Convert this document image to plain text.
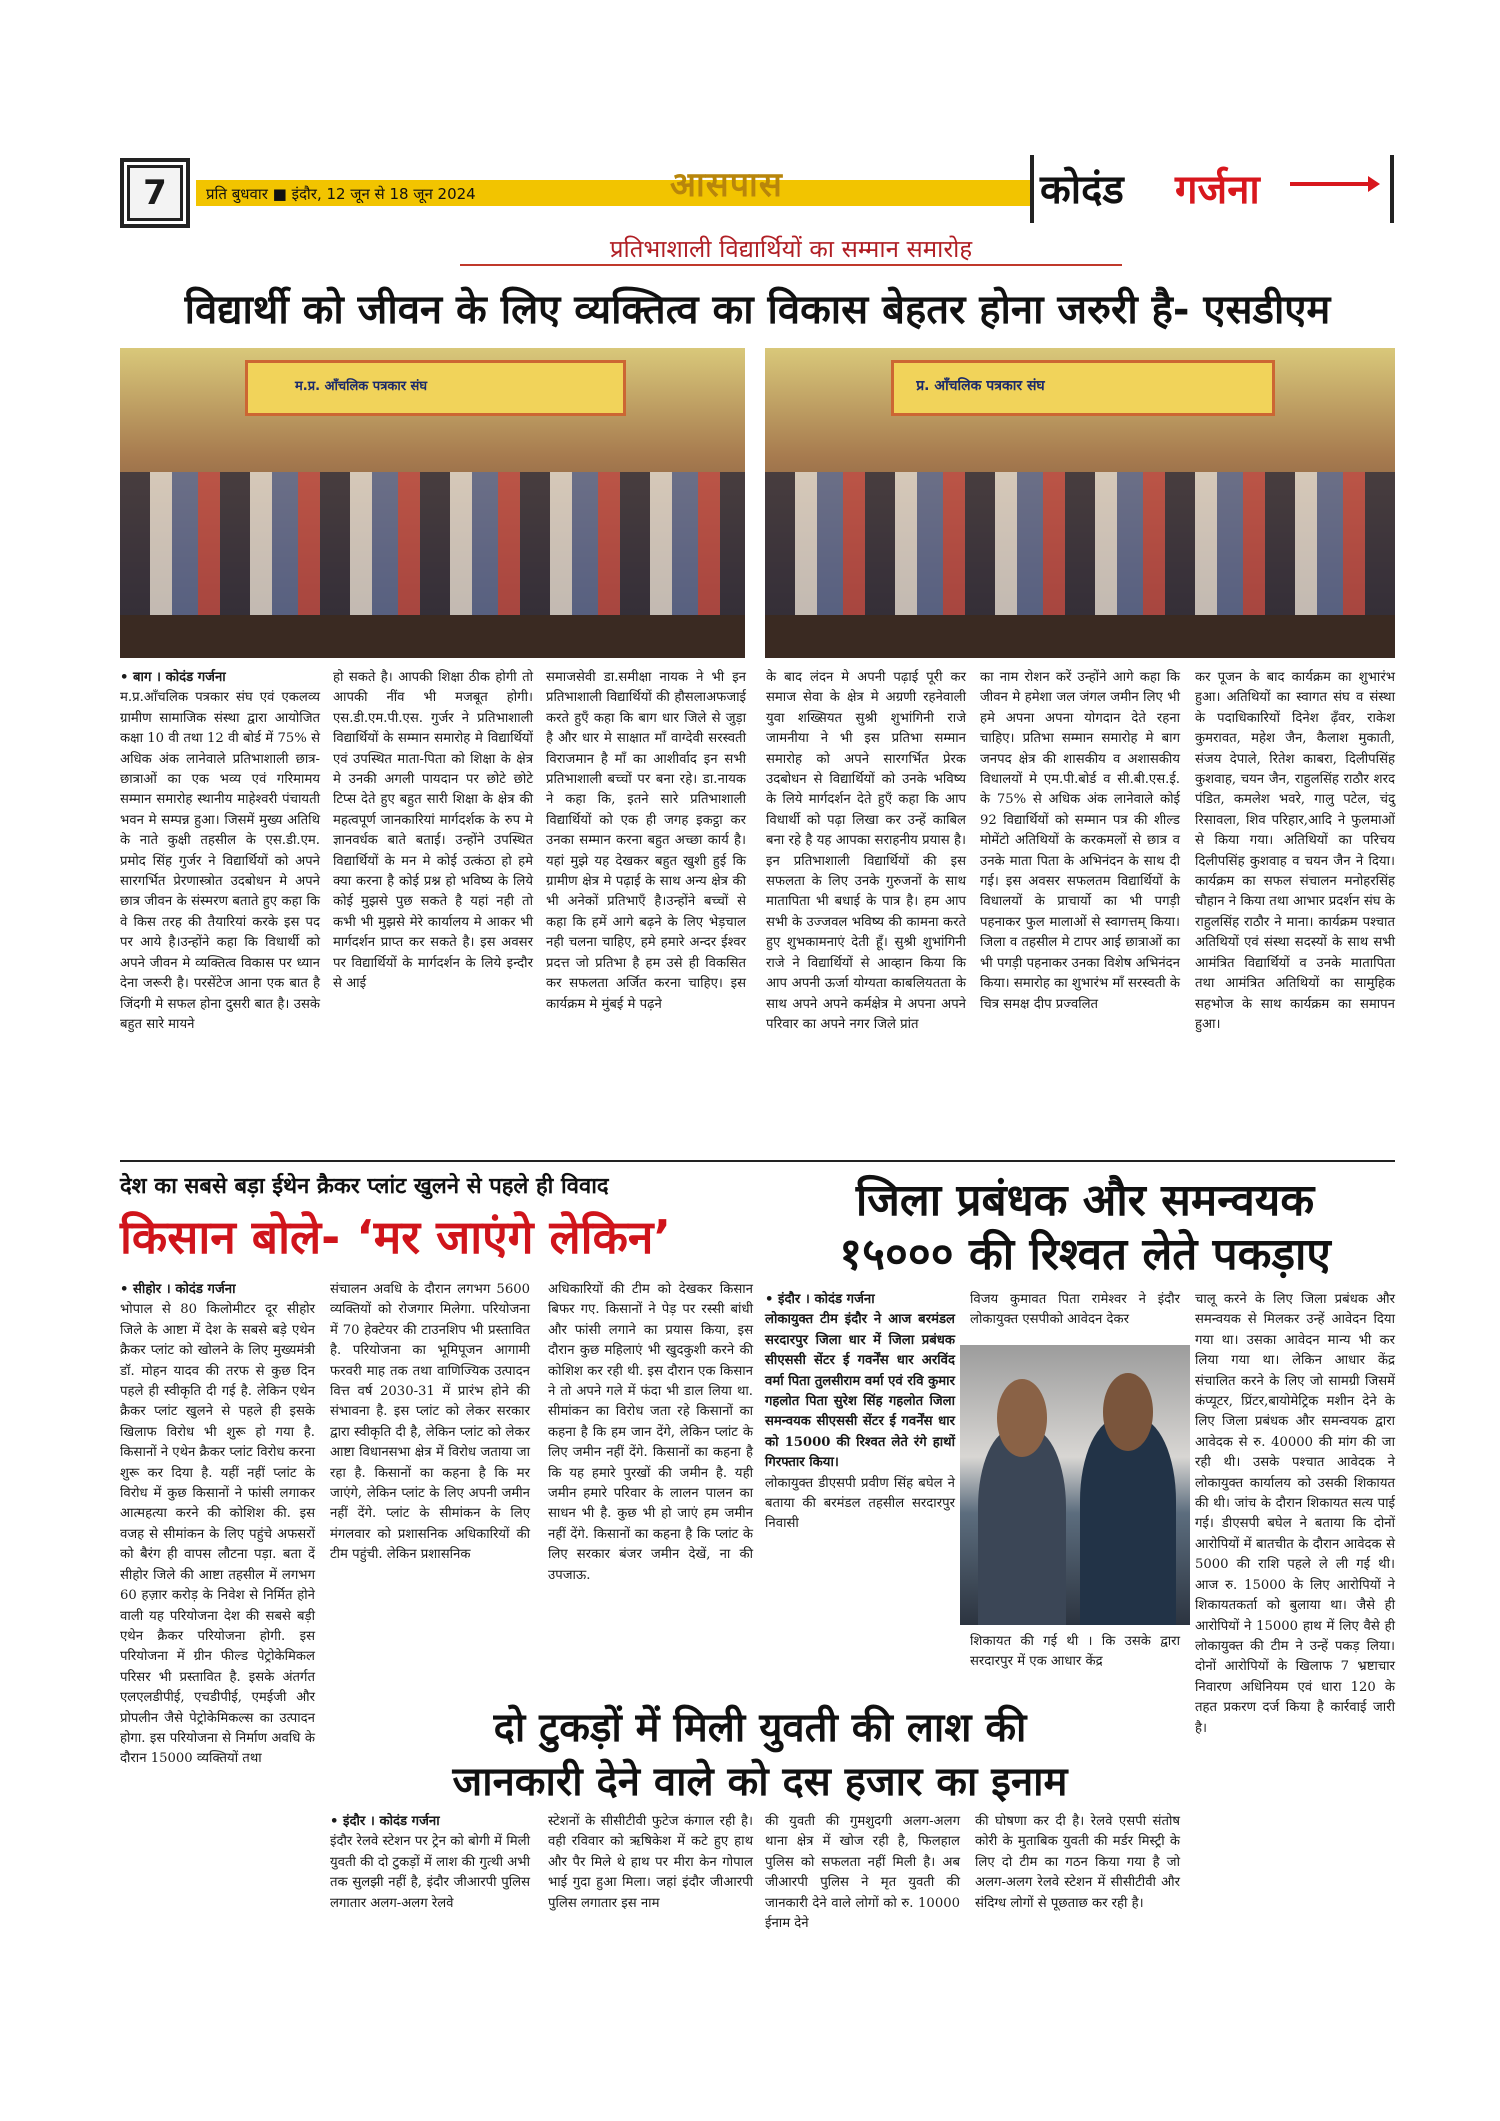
7	प्रति बुधवार ■ इंदौर, 12 जून से 18 जून 2024	आसपास	कोदंड गर्जना
प्रतिभाशाली विद्यार्थियों का सम्मान समारोह
विद्यार्थी को जीवन के लिए व्यक्तित्व का विकास बेहतर होना जरुरी है- एसडीएम
म.प्र. आँचलिक पत्रकार संघ	प्र. आँचलिक पत्रकार संघ

• बाग । कोदंड गर्जना

म.प्र.आँचलिक पत्रकार संघ एवं एकलव्य ग्रामीण सामाजिक संस्था द्वारा आयोजित कक्षा 10 वी तथा 12 वी बोर्ड में 75% से अधिक अंक लानेवाले प्रतिभाशाली छात्र-छात्राओं का एक भव्य एवं गरिमामय सम्मान समारोह स्थानीय माहेश्वरी पंचायती भवन मे सम्पन्न हुआ। जिसमें मुख्य अतिथि के नाते कुक्षी तहसील के एस.डी.एम. प्रमोद सिंह गुर्जर ने विद्यार्थियों को अपने सारगर्भित प्रेरणास्त्रोत उदबोधन मे अपने छात्र जीवन के संस्मरण बताते हुए कहा कि वे किस तरह की तैयारियां करके इस पद पर आये है।उन्होंने कहा कि विधार्थी को अपने जीवन मे व्यक्तित्व विकास पर ध्यान देना जरूरी है। परसेंटेज आना एक बात है जिंदगी मे सफल होना दुसरी बात है। उसके बहुत सारे मायने

हो सकते है। आपकी शिक्षा ठीक होगी तो आपकी नींव भी मजबूत होगी। एस.डी.एम.पी.एस. गुर्जर ने प्रतिभाशाली विद्यार्थियों के सम्मान समारोह मे विद्यार्थियों एवं उपस्थित माता-पिता को शिक्षा के क्षेत्र मे उनकी अगली पायदान पर छोटे छोटे टिप्स देते हुए बहुत सारी शिक्षा के क्षेत्र की महत्वपूर्ण जानकारियां मार्गदर्शक के रुप मे ज्ञानवर्धक बाते बताई। उन्होंने उपस्थित विद्यार्थियों के मन मे कोई उत्कंठा हो हमे क्या करना है कोई प्रश्न हो भविष्य के लिये कोई मुझसे पुछ सकते है यहां नही तो कभी भी मुझसे मेरे कार्यालय मे आकर भी मार्गदर्शन प्राप्त कर सकते है। इस अवसर पर विद्यार्थियों के मार्गदर्शन के लिये इन्दौर से आई
समाजसेवी डा.समीक्षा नायक ने भी इन प्रतिभाशाली विद्यार्थियों की हौसलाअफजाई करते हुएँ कहा कि बाग धार जिले से जुड़ा है और धार मे साक्षात माँ वाग्देवी सरस्वती विराजमान है माँ का आशीर्वाद इन सभी प्रतिभाशाली बच्चों पर बना रहे। डा.नायक ने कहा कि, इतने सारे प्रतिभाशाली विद्यार्थियों को एक ही जगह इकट्ठा कर उनका सम्मान करना बहुत अच्छा कार्य है।यहां मुझे यह देखकर बहुत खुशी हुई कि ग्रामीण क्षेत्र मे पढ़ाई के साथ अन्य क्षेत्र की भी अनेकों प्रतिभाएँ है।उन्होंने बच्चों से कहा कि हमें आगे बढ़ने के लिए भेड़चाल नही चलना चाहिए, हमे हमारे अन्दर ईश्वर प्रदत्त जो प्रतिभा है हम उसे ही विकसित कर सफलता अर्जित करना चाहिए। इस कार्यक्रम मे मुंबई मे पढ़ने
के बाद लंदन मे अपनी पढ़ाई पूरी कर समाज सेवा के क्षेत्र मे अग्रणी रहनेवाली युवा शख्सियत सुश्री शुभांगिनी राजे जामनीया ने भी इस प्रतिभा सम्मान समारोह को अपने सारगर्भित प्रेरक उदबोधन से विद्यार्थियों को उनके भविष्य के लिये मार्गदर्शन देते हुएँ कहा कि आप विधार्थी को पढ़ा लिखा कर उन्हें काबिल बना रहे है यह आपका सराहनीय प्रयास है। इन प्रतिभाशाली विद्यार्थियों की इस सफलता के लिए उनके गुरुजनों के साथ मातापिता भी बधाई के पात्र है। हम आप सभी के उज्जवल भविष्य की कामना करते हुए शुभकामनाएं देती हूँ। सुश्री शुभांगिनी राजे ने विद्यार्थियों से आव्हान किया कि आप अपनी ऊर्जा योग्यता काबलियतता के साथ अपने अपने कर्मक्षेत्र मे अपना अपने परिवार का अपने नगर जिले प्रांत
का नाम रोशन करें उन्होंने आगे कहा कि जीवन मे हमेशा जल जंगल जमीन लिए भी हमे अपना अपना योगदान देते रहना चाहिए। प्रतिभा सम्मान समारोह मे बाग जनपद क्षेत्र की शासकीय व अशासकीय विधालयों मे एम.पी.बोर्ड व सी.बी.एस.ई. के 75% से अधिक अंक लानेवाले कोई 92 विद्यार्थियों को सम्मान पत्र की शील्ड मोमेंटो अतिथियों के करकमलों से छात्र व उनके माता पिता के अभिनंदन के साथ दी गई। इस अवसर सफलतम विद्यार्थियों के विधालयों के प्राचार्यो का भी पगड़ी पहनाकर फुल मालाओं से स्वागत्तम् किया।जिला व तहसील मे टापर आई छात्राओं का भी पगड़ी पहनाकर उनका विशेष अभिनंदन किया। समारोह का शुभारंभ माँ सरस्वती के चित्र समक्ष दीप प्रज्वलित
कर पूजन के बाद कार्यक्रम का शुभारंभ हुआ। अतिथियों का स्वागत संघ व संस्था के पदाधिकारियों दिनेश ढ़ँवर, राकेश कुमरावत, महेश जैन, कैलाश मुकाती, संजय देपाले, रितेश काबरा, दिलीपसिंह कुशवाह, चयन जैन, राहुलसिंह राठौर शरद पंडित, कमलेश भवरे, गालु पटेल, चंदु रिसावला, शिव परिहार,आदि ने फुलमाओं से किया गया। अतिथियों का परिचय दिलीपसिंह कुशवाह व चयन जैन ने दिया। कार्यक्रम का सफल संचालन मनोहरसिंह चौहान ने किया तथा आभार प्रदर्शन संघ के राहुलसिंह राठौर ने माना। कार्यक्रम पश्चात अतिथियों एवं संस्था सदस्यों के साथ सभी आमंत्रित विद्यार्थियों व उनके मातापिता तथा आमंत्रित अतिथियों का सामुहिक सहभोज के साथ कार्यक्रम का समापन हुआ।
देश का सबसे बड़ा ईथेन क्रैकर प्लांट खुलने से पहले ही विवाद
किसान बोले- ‘मर जाएंगे लेकिन’

• सीहोर । कोदंड गर्जना

भोपाल से 80 किलोमीटर दूर सीहोर जिले के आष्टा में देश के सबसे बड़े एथेन क्रैकर प्लांट को खोलने के लिए मुख्यमंत्री डॉ. मोहन यादव की तरफ से कुछ दिन पहले ही स्वीकृति दी गई है. लेकिन एथेन क्रैकर प्लांट खुलने से पहले ही इसके खिलाफ विरोध भी शुरू हो गया है. किसानों ने एथेन क्रैकर प्लांट विरोध करना शुरू कर दिया है. यहीं नहीं प्लांट के विरोध में कुछ किसानों ने फांसी लगाकर आत्महत्या करने की कोशिश की. इस वजह से सीमांकन के लिए पहुंचे अफसरों को बैरंग ही वापस लौटना पड़ा. बता दें सीहोर जिले की आष्टा तहसील में लगभग 60 हज़ार करोड़ के निवेश से निर्मित होने वाली यह परियोजना देश की सबसे बड़ी एथेन क्रैकर परियोजना होगी. इस परियोजना में ग्रीन फील्ड पेट्रोकेमिकल परिसर भी प्रस्तावित है. इसके अंतर्गत एलएलडीपीई, एचडीपीई, एमईजी और प्रोपलीन जैसे पेट्रोकेमिकल्स का उत्पादन होगा. इस परियोजना से निर्माण अवधि के दौरान 15000 व्यक्तियों तथा

संचालन अवधि के दौरान लगभग 5600 व्यक्तियों को रोजगार मिलेगा. परियोजना में 70 हेक्टेयर की टाउनशिप भी प्रस्तावित है. परियोजना का भूमिपूजन आगामी फरवरी माह तक तथा वाणिज्यिक उत्पादन वित्त वर्ष 2030-31 में प्रारंभ होने की संभावना है. इस प्लांट को लेकर सरकार द्वारा स्वीकृति दी है, लेकिन प्लांट को लेकर आष्टा विधानसभा क्षेत्र में विरोध जताया जा रहा है. किसानों का कहना है कि मर जाएंगे, लेकिन प्लांट के लिए अपनी जमीन नहीं देंगे. प्लांट के सीमांकन के लिए मंगलवार को प्रशासनिक अधिकारियों की टीम पहुंची. लेकिन प्रशासनिक
अधिकारियों की टीम को देखकर किसान बिफर गए. किसानों ने पेड़ पर रस्सी बांधी और फांसी लगाने का प्रयास किया, इस दौरान कुछ महिलाएं भी खुदकुशी करने की कोशिश कर रही थी. इस दौरान एक किसान ने तो अपने गले में फंदा भी डाल लिया था. सीमांकन का विरोध जता रहे किसानों का कहना है कि हम जान देंगे, लेकिन प्लांट के लिए जमीन नहीं देंगे. किसानों का कहना है कि यह हमारे पुरखों की जमीन है. यही जमीन हमारे परिवार के लालन पालन का साधन भी है. कुछ भी हो जाएं हम जमीन नहीं देंगे. किसानों का कहना है कि प्लांट के लिए सरकार बंजर जमीन देखें, ना की उपजाऊ.
जिला प्रबंधक और समन्वयक
१५००० की रिश्वत लेते पकड़ाए

• इंदौर । कोदंड गर्जना

लोकायुक्त टीम इंदौर ने आज बरमंडल सरदारपुर जिला धार में जिला प्रबंधक सीएससी सेंटर ई गवर्नेंस धार अरविंद वर्मा पिता तुलसीराम वर्मा एवं रवि कुमार गहलोत पिता सुरेश सिंह गहलोत जिला समन्वयक सीएससी सेंटर ई गवर्नेंस धार को 15000 की रिश्वत लेते रंगे हाथों गिरफ्तार किया।

लोकायुक्त डीएसपी प्रवीण सिंह बघेल ने बताया की बरमंडल तहसील सरदारपुर निवासी

विजय कुमावत पिता रामेश्वर ने इंदौर लोकायुक्त एसपीको आवेदन देकर
शिकायत की गई थी । कि उसके द्वारा सरदारपुर में एक आधार केंद्र
चालू करने के लिए जिला प्रबंधक और समन्वयक से मिलकर उन्हें आवेदन दिया गया था। उसका आवेदन मान्य भी कर लिया गया था। लेकिन आधार केंद्र संचालित करने के लिए जो सामग्री जिसमें कंप्यूटर, प्रिंटर,बायोमेट्रिक मशीन देने के लिए जिला प्रबंधक और समन्वयक द्वारा आवेदक से रु. 40000 की मांग की जा रही थी। उसके पश्चात आवेदक ने लोकायुक्त कार्यालय को उसकी शिकायत की थी। जांच के दौरान शिकायत सत्य पाई गई। डीएसपी बघेल ने बताया कि दोनों आरोपियों में बातचीत के दौरान आवेदक से 5000 की राशि पहले ले ली गई थी। आज रु. 15000 के लिए आरोपियों ने शिकायतकर्ता को बुलाया था। जैसे ही आरोपियों ने 15000 हाथ में लिए वैसे ही लोकायुक्त की टीम ने उन्हें पकड़ लिया। दोनों आरोपियों के खिलाफ 7 भ्रष्टाचार निवारण अधिनियम एवं धारा 120 के तहत प्रकरण दर्ज किया है कार्रवाई जारी है।
दो टुकड़ों में मिली युवती की लाश की
जानकारी देने वाले को दस हजार का इनाम

• इंदौर । कोदंड गर्जना

इंदौर रेलवे स्टेशन पर ट्रेन को बोगी में मिली युवती की दो टुकड़ों में लाश की गुत्थी अभी तक सुलझी नहीं है, इंदौर जीआरपी पुलिस लगातार अलग-अलग रेलवे

स्टेशनों के सीसीटीवी फुटेज कंगाल रही है। वही रविवार को ऋषिकेश में कटे हुए हाथ और पैर मिले थे हाथ पर मीरा केन गोपाल भाई गुदा हुआ मिला। जहां इंदौर जीआरपी पुलिस लगातार इस नाम
की युवती की गुमशुदगी अलग-अलग थाना क्षेत्र में खोज रही है, फिलहाल पुलिस को सफलता नहीं मिली है। अब जीआरपी पुलिस ने मृत युवती की जानकारी देने वाले लोगों को रु. 10000 ईनाम देने
की घोषणा कर दी है। रेलवे एसपी संतोष कोरी के मुताबिक युवती की मर्डर मिस्ट्री के लिए दो टीम का गठन किया गया है जो अलग-अलग रेलवे स्टेशन में सीसीटीवी और संदिग्ध लोगों से पूछताछ कर रही है।
